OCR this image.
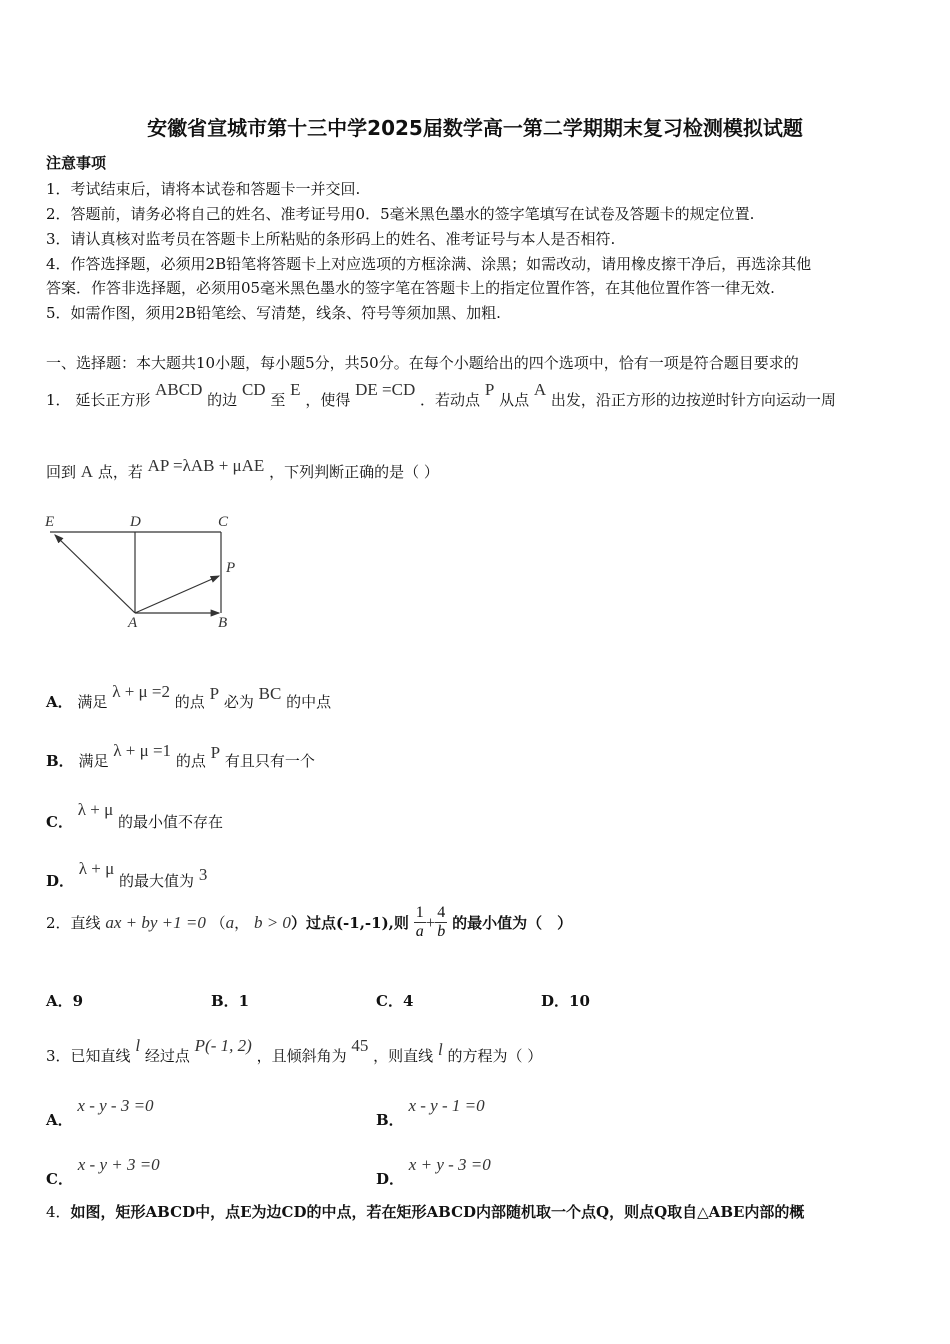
安徽省宣城市第十三中学2025届数学高一第二学期期末复习检测模拟试题
注意事项
1．考试结束后，请将本试卷和答题卡一并交回.
2．答题前，请务必将自己的姓名、准考证号用0．5毫米黑色墨水的签字笔填写在试卷及答题卡的规定位置.
3．请认真核对监考员在答题卡上所粘贴的条形码上的姓名、准考证号与本人是否相符.
4．作答选择题，必须用2B铅笔将答题卡上对应选项的方框涂满、涂黑；如需改动，请用橡皮擦干净后，再选涂其他
答案．作答非选择题，必须用05毫米黑色墨水的签字笔在答题卡上的指定位置作答，在其他位置作答一律无效.
5．如需作图，须用2B铅笔绘、写清楚，线条、符号等须加黑、加粗.
一、选择题：本大题共10小题，每小题5分，共50分。在每个小题给出的四个选项中，恰有一项是符合题目要求的
1． 延长正方形 ABCD 的边 CD 至 E ，使得 DE =CD ．若动点 P 从点 A 出发，沿正方形的边按逆时针方向运动一周
回到 A 点，若 AP =λAB + μAE ，下列判断正确的是（ ）
E	D	C
P
A	B
A． 满足 λ + μ =2 的点 P 必为 BC 的中点
B． 满足 λ + μ =1 的点 P 有且只有一个
C． λ + μ 的最小值不存在
D． λ + μ 的最大值为 3
2．直线 ax + by +1 =0 （a， b > 0）过点(-1,-1),则 $\frac{1}{a} + \frac{4}{b}$ 的最小值为（　）
A．9	B．1	C．4	D．10
3．已知直线 l 经过点 P(- 1, 2) ，且倾斜角为 45 ，则直线 l 的方程为（ ）
A． x - y - 3 =0
B． x - y - 1 =0
C． x - y + 3 =0
D． x + y - 3 =0
4．如图，矩形ABCD中，点E为边CD的中点，若在矩形ABCD内部随机取一个点Q，则点Q取自△ABE内部的概
